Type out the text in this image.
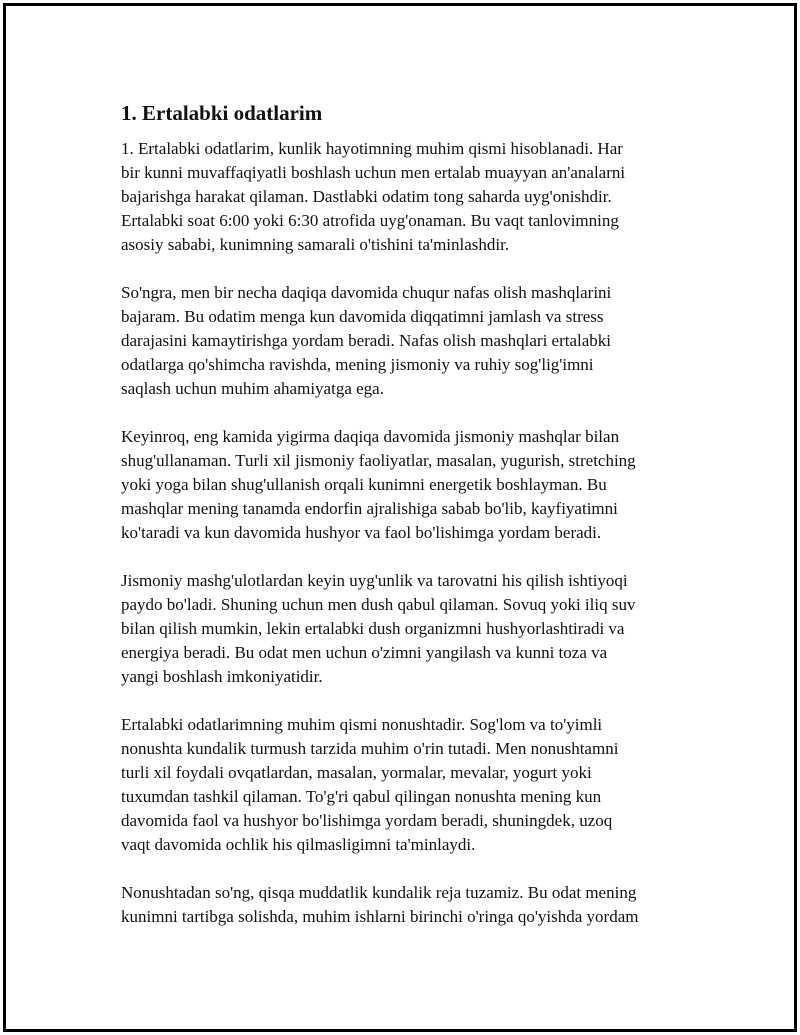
1. Ertalabki odatlarim

1. Ertalabki odatlarim, kunlik hayotimning muhim qismi hisoblanadi. Har
bir kunni muvaffaqiyatli boshlash uchun men ertalab muayyan an'analarni
bajarishga harakat qilaman. Dastlabki odatim tong saharda uyg'onishdir.
Ertalabki soat 6:00 yoki 6:30 atrofida uyg'onaman. Bu vaqt tanlovimning
asosiy sababi, kunimning samarali o'tishini ta'minlashdir.

So'ngra, men bir necha daqiqa davomida chuqur nafas olish mashqlarini
bajaram. Bu odatim menga kun davomida diqqatimni jamlash va stress
darajasini kamaytirishga yordam beradi. Nafas olish mashqlari ertalabki
odatlarga qo'shimcha ravishda, mening jismoniy va ruhiy sog'lig'imni
saqlash uchun muhim ahamiyatga ega.

Keyinroq, eng kamida yigirma daqiqa davomida jismoniy mashqlar bilan
shug'ullanaman. Turli xil jismoniy faoliyatlar, masalan, yugurish, stretching
yoki yoga bilan shug'ullanish orqali kunimni energetik boshlayman. Bu
mashqlar mening tanamda endorfin ajralishiga sabab bo'lib, kayfiyatimni
ko'taradi va kun davomida hushyor va faol bo'lishimga yordam beradi.

Jismoniy mashg'ulotlardan keyin uyg'unlik va tarovatni his qilish ishtiyoqi
paydo bo'ladi. Shuning uchun men dush qabul qilaman. Sovuq yoki iliq suv
bilan qilish mumkin, lekin ertalabki dush organizmni hushyorlashtiradi va
energiya beradi. Bu odat men uchun o'zimni yangilash va kunni toza va
yangi boshlash imkoniyatidir.

Ertalabki odatlarimning muhim qismi nonushtadir. Sog'lom va to'yimli
nonushta kundalik turmush tarzida muhim o'rin tutadi. Men nonushtamni
turli xil foydali ovqatlardan, masalan, yormalar, mevalar, yogurt yoki
tuxumdan tashkil qilaman. To'g'ri qabul qilingan nonushta mening kun
davomida faol va hushyor bo'lishimga yordam beradi, shuningdek, uzoq
vaqt davomida ochlik his qilmasligimni ta'minlaydi.

Nonushtadan so'ng, qisqa muddatlik kundalik reja tuzamiz. Bu odat mening
kunimni tartibga solishda, muhim ishlarni birinchi o'ringa qo'yishda yordam
